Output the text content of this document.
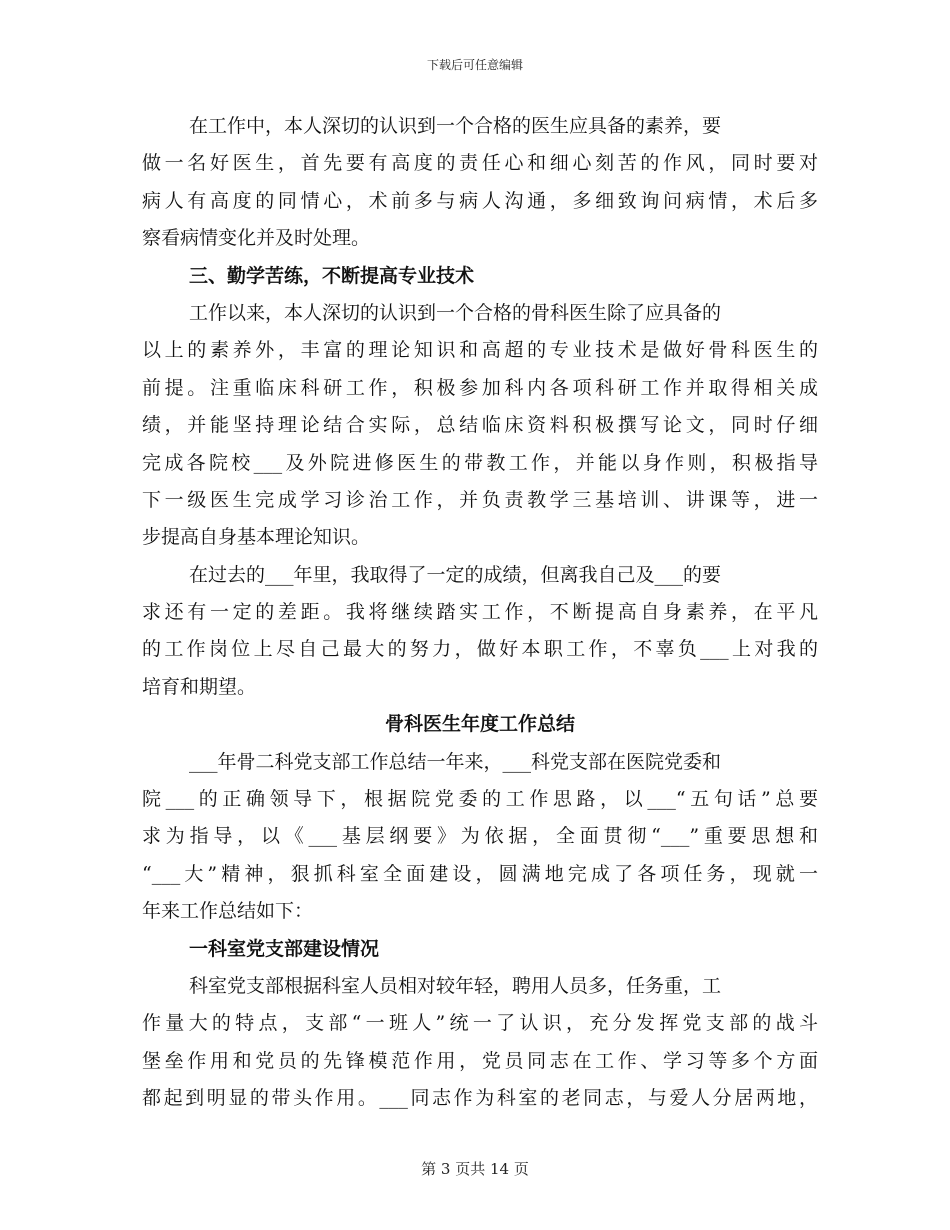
下载后可任意编辑
在工作中，本人深切的认识到一个合格的医生应具备的素养，要
做一名好医生，首先要有高度的责任心和细心刻苦的作风，同时要对
病人有高度的同情心，术前多与病人沟通，多细致询问病情，术后多
察看病情变化并及时处理。
三、勤学苦练，不断提高专业技术
工作以来，本人深切的认识到一个合格的骨科医生除了应具备的
以上的素养外，丰富的理论知识和高超的专业技术是做好骨科医生的
前提。注重临床科研工作，积极参加科内各项科研工作并取得相关成
绩，并能坚持理论结合实际，总结临床资料积极撰写论文，同时仔细
完成各院校___及外院进修医生的带教工作，并能以身作则，积极指导
下一级医生完成学习诊治工作，并负责教学三基培训、讲课等，进一
步提高自身基本理论知识。
在过去的___年里，我取得了一定的成绩，但离我自己及___的要
求还有一定的差距。我将继续踏实工作，不断提高自身素养，在平凡
的工作岗位上尽自己最大的努力，做好本职工作，不辜负___上对我的
培育和期望。
骨科医生年度工作总结
___年骨二科党支部工作总结一年来，___科党支部在医院党委和
院___的正确领导下，根据院党委的工作思路，以___“五句话”总要
求为指导，以《___基层纲要》为依据，全面贯彻“___”重要思想和
“___大”精神，狠抓科室全面建设，圆满地完成了各项任务，现就一
年来工作总结如下：
一科室党支部建设情况
科室党支部根据科室人员相对较年轻，聘用人员多，任务重，工
作量大的特点，支部“一班人”统一了认识，充分发挥党支部的战斗
堡垒作用和党员的先锋模范作用，党员同志在工作、学习等多个方面
都起到明显的带头作用。___同志作为科室的老同志，与爱人分居两地，
第 3 页共 14 页
